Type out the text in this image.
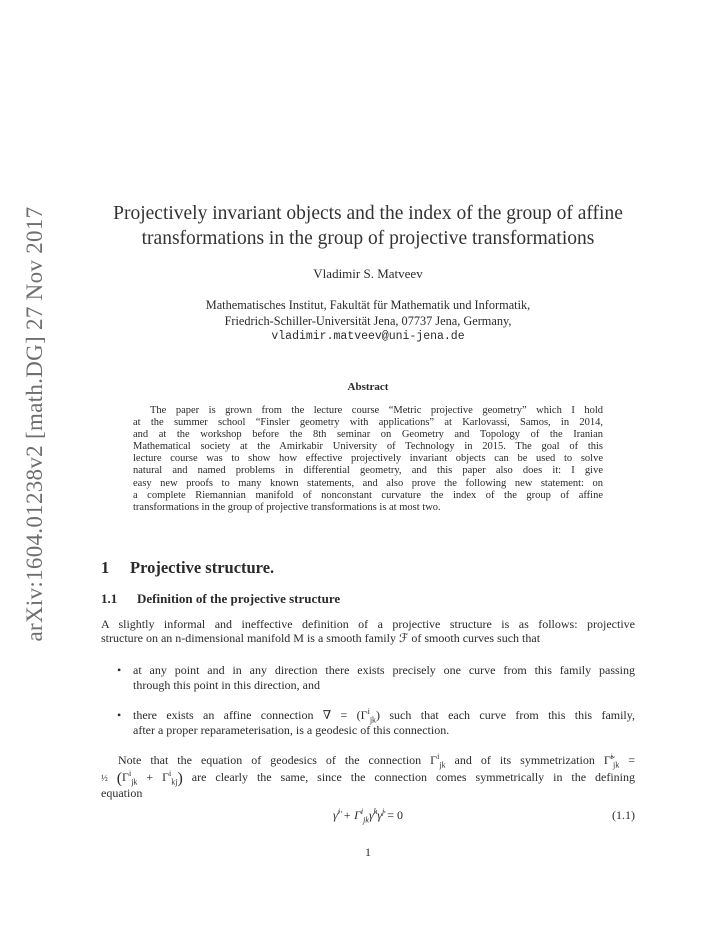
arXiv:1604.01238v2 [math.DG] 27 Nov 2017	Projectively invariant objects and the index of the group of affine
transformations in the group of projective transformations
Vladimir S. Matveev
Mathematisches Institut, Fakultät für Mathematik und Informatik,
Friedrich-Schiller-Universität Jena, 07737 Jena, Germany,
vladimir.matveev@uni-jena.de
Abstract
The paper is grown from the lecture course “Metric projective geometry” which I hold
at the summer school “Finsler geometry with applications” at Karlovassi, Samos, in 2014,
and at the workshop before the 8th seminar on Geometry and Topology of the Iranian
Mathematical society at the Amirkabir University of Technology in 2015. The goal of this
lecture course was to show how effective projectively invariant objects can be used to solve
natural and named problems in differential geometry, and this paper also does it: I give
easy new proofs to many known statements, and also prove the following new statement: on
a complete Riemannian manifold of nonconstant curvature the index of the group of affine
transformations in the group of projective transformations is at most two.
1 Projective structure.
1.1 Definition of the projective structure
A slightly informal and ineffective definition of a projective structure is as follows: projective
structure on an n-dimensional manifold M is a smooth family ℱ of smooth curves such that
• at any point and in any direction there exists precisely one curve from this family passing
through this point in this direction, and
• there exists an affine connection ∇ = $(\Gamma^i_{jk})$ such that each curve from this this family,
after a proper reparameterisation, is a geodesic of this connection.
Note that the equation of geodesics of the connection $\Gamma^i_{jk}$ and of its symmetrization Γ̃$^i_{jk}$ =
½ $(\Gamma^i_{jk} + \Gamma^i_{kj})$ are clearly the same, since the connection comes symmetrically in the defining
equation
γ̈$^i$ + $\Gamma^i_{jk}\gammȧ^k\gammȧ^j = 0$	(1.1)
1
